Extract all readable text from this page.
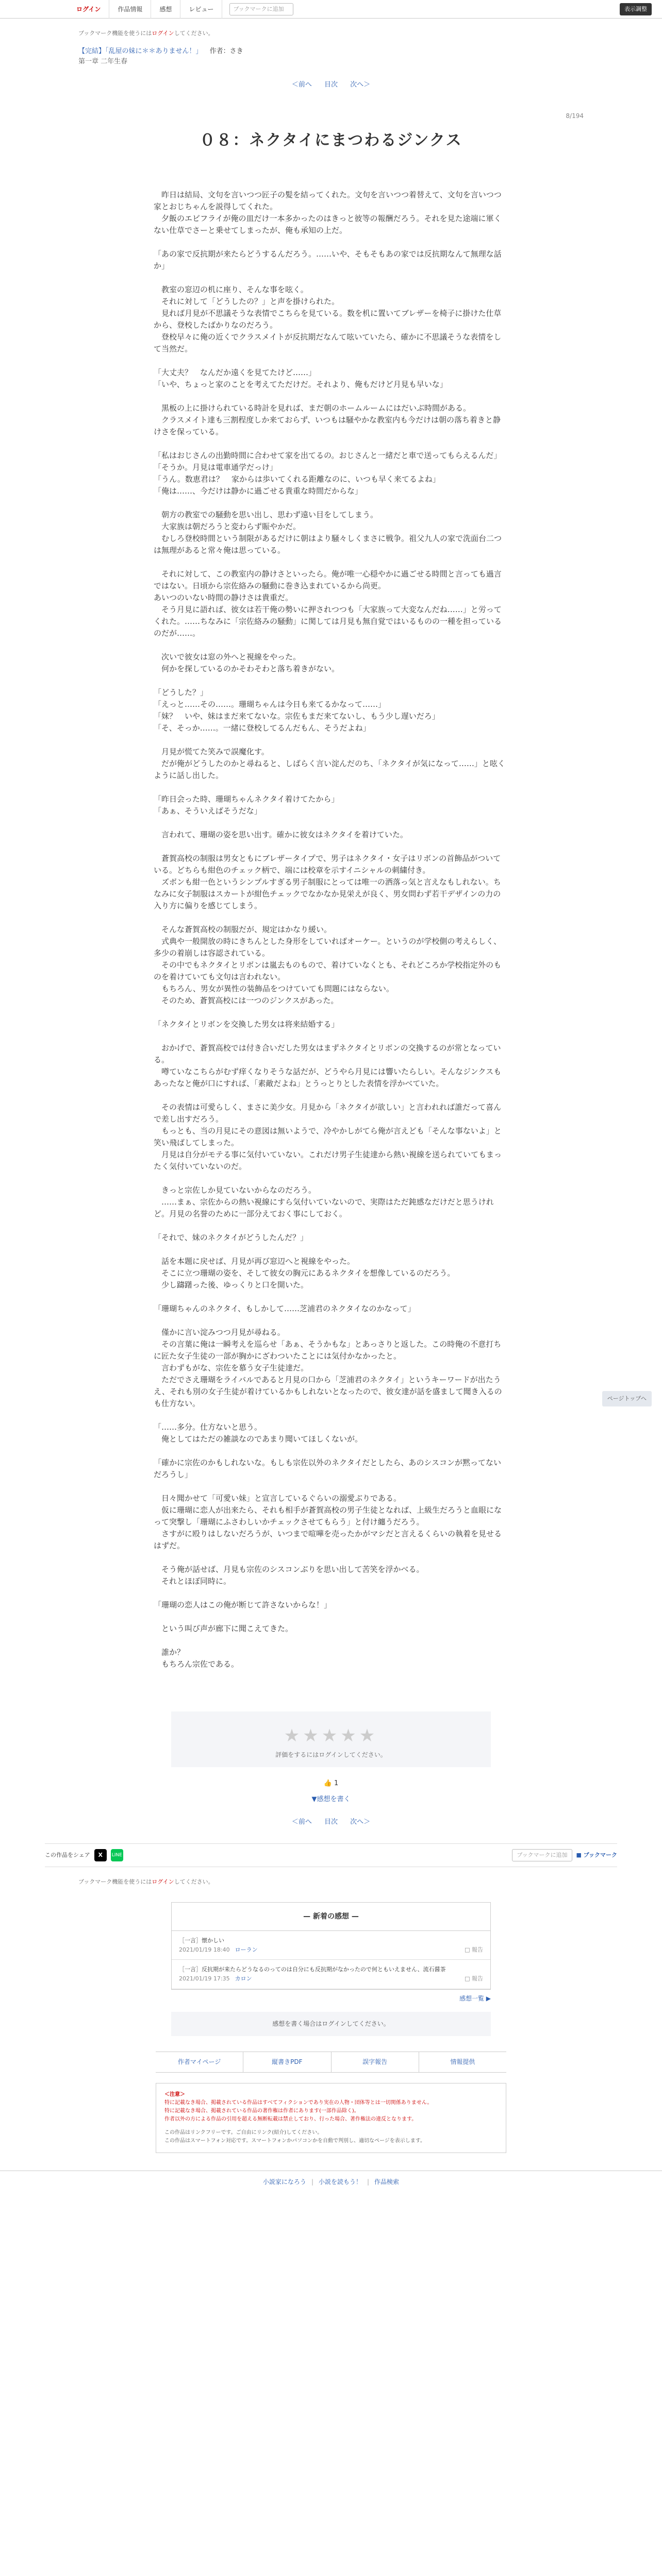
ログイン	作品情報	感想	レビュー	ブックマークに追加	表示調整
ブックマーク機能を使うにはログインしてください。
【完結】「乱屋の妹に＊＊ありません！」 作者：さき
第一章 二年生春
＜前へ 目次 次へ＞
8/194
０８：ネクタイにまつわるジンクス

　昨日は結局、文句を言いつつ匠子の髪を結ってくれた。文句を言いつつ着替えて、文句を言いつつ家とおじちゃんを説得してくれた。

　夕飯のエビフライが俺の皿だけ一本多かったのはきっと彼等の報酬だろう。それを見た途端に軍くない仕草でさーと乗せてしまったが、俺も承知の上だ。

「あの家で反抗期が来たらどうするんだろう。……いや、そもそもあの家では反抗期なんて無理な話か」

　教室の窓辺の机に座り、そんな事を呟く。

　それに対して「どうしたの？」と声を掛けられた。

　見れば月見が不思議そうな表情でこちらを見ている。数を机に置いてブレザーを椅子に掛けた仕草から、登校したばかりなのだろう。

　登校早々に俺の近くでクラスメイトが反抗期だなんて呟いていたら、確かに不思議そうな表情をして当然だ。

「大丈夫？　なんだか遠くを見てたけど……」

「いや、ちょっと家のことを考えてただけだ。それより、俺もだけど月見も早いな」

　黒板の上に掛けられている時計を見れば、まだ朝のホームルームにはだいぶ時間がある。

　クラスメイト達も三割程度しか来ておらず、いつもは騒やかな教室内も今だけは朝の落ち着きと静けさを保っている。

「私はおじさんの出勤時間に合わせて家を出てるの。おじさんと一緒だと車で送ってもらえるんだ」

「そうか。月見は電車通学だっけ」

「うん。数恵君は？　家からは歩いてくれる距離なのに、いつも早く来てるよね」

「俺は……、今だけは静かに過ごせる貴重な時間だからな」

　朝方の教室での騒動を思い出し、思わず遠い目をしてしまう。

　大家族は朝だろうと変わらず賑やかだ。

　むしろ登校時間という制限があるだけに朝はより騒々しくまさに戦争。祖父九人の家で洗面台二つは無理があると常々俺は思っている。

　それに対して、この教室内の静けさといったら。俺が唯一心穏やかに過ごせる時間と言っても過言ではない。日頃から宗佐絡みの騒動に巻き込まれているから尚更。

あいつのいない時間の静けさは貴重だ。

　そう月見に語れば、彼女は若干俺の勢いに押されつつも「大家族って大変なんだね……」と労ってくれた。……ちなみに「宗佐絡みの騒動」に関しては月見も無自覚ではいるものの一種を担っているのだが……。

　次いで彼女は窓の外へと視線をやった。

　何かを探しているのかそわそわと落ち着きがない。

「どうした？」

「えっと……その……。珊瑚ちゃんは今日も来てるかなって……」

「妹？　いや、妹はまだ来てないな。宗佐もまだ来てないし、もう少し遅いだろ」

「そ、そっか……。一緒に登校してるんだもん、そうだよね」

　月見が慌てた笑みで誤魔化す。

　だが俺がどうしたのかと尋ねると、しばらく言い淀んだのち、「ネクタイが気になって……」と呟くように話し出した。

「昨日会った時、珊瑚ちゃんネクタイ着けてたから」

「あぁ、そういえばそうだな」

　言われて、珊瑚の姿を思い出す。確かに彼女はネクタイを着けていた。

　蒼賀高校の制服は男女ともにブレザータイプで、男子はネクタイ・女子はリボンの首飾品がついている。どちらも紺色のチェック柄で、端には校章を示すイニシャルの刺繍付き。

　ズボンも紺一色というシンプルすぎる男子制服にとっては唯一の洒落っ気と言えなもしれない。ちなみに女子制服はスカートが紺色チェックでなかなか見栄えが良く、男女問わず若干デザインの力の入り方に偏りを感じてしまう。

　そんな蒼賀高校の制服だが、規定はかなり緩い。

　式典や一般開放の時にきちんとした身形をしていればオーケー。というのが学校側の考えらしく、多少の着崩しは容認されている。

　その中でもネクタイとリボンは嵐去ものもので、着けていなくとも、それどころか学校指定外のものを着けていても文句は言われない。

　もちろん、男女が異性の装飾品をつけていても問題にはならない。

　そのため、蒼賀高校には一つのジンクスがあった。

「ネクタイとリボンを交換した男女は将来結婚する」

　おかげで、蒼賀高校では付き合いだした男女はまずネクタイとリボンの交換するのが常となっている。

　噂ていなこちらがむず痒くなりそうな話だが、どうやら月見には響いたらしい。そんなジンクスもあったなと俺が口にすれば、「素敵だよね」とうっとりとした表情を浮かべていた。

　その表情は可愛らしく、まさに美少女。月見から「ネクタイが欲しい」と言われれば誰だって喜んで差し出すだろう。

　もっとも、当の月見にその意図は無いようで、冷やかしがてら俺が言えども「そんな事ないよ」と笑い飛ばしてしまった。

　月見は自分がモテる事に気付いていない。これだけ男子生徒達から熱い視線を送られていてもまったく気付いていないのだ。

　きっと宗佐しか見ていないからなのだろう。

　……まぁ、宗佐からの熱い視線にすら気付いていないので、実際はただ鈍感なだけだと思うけれど。月見の名誉のために一部分えておく事にしておく。

「それで、妹のネクタイがどうしたんだ？」

　話を本題に戻せば、月見が再び窓辺へと視線をやった。

　そこに立つ珊瑚の姿を、そして彼女の胸元にあるネクタイを想像しているのだろう。

　少し躊躇った後、ゆっくりと口を開いた。

「珊瑚ちゃんのネクタイ、もしかして……芝浦君のネクタイなのかなって」

　僅かに言い淀みつつ月見が尋ねる。

　その言葉に俺は一瞬考えを巡らせ「あぁ、そうかもな」とあっさりと返した。この時俺の不意打ちに匠た女子生徒の一部が胸かにざわついたことには気付かなかったと。

　言わずもがな、宗佐を慕う女子生徒達だ。

　ただでさえ珊瑚をライバルであると月見の口から「芝浦君のネクタイ」というキーワードが出たうえ、それも別の女子生徒が着けているかもしれないとなったので、彼女達が話を盛まして聞き入るのも仕方ない。

「……多分。仕方ないと思う。

　俺としてはただの雑談なのであまり聞いてほしくないが。

「確かに宗佐のかもしれないな。もしも宗佐以外のネクタイだとしたら、あのシスコンが黙ってないだろうし」

　日々聞かせて「可愛い妹」と宣言しているぐらいの溺愛ぶりである。

　仮に珊瑚に恋人が出来たら、それも相手が蒼賀高校の男子生徒となれば、上級生だろうと血眼になって突撃し「珊瑚にふさわしいかチェックさせてもらう」と付け纏うだろう。

　さすがに殴りはしないだろうが、いつまで喧嘩を売ったかがマシだと言えるくらいの執着を見せるはずだ。

　そう俺が話せば、月見も宗佐のシスコンぶりを思い出して苦笑を浮かべる。

　それとほぼ同時に。

「珊瑚の恋人はこの俺が断じて許さないからな！」

　という叫び声が廊下に聞こえてきた。

　誰か？

　もちろん宗佐である。

★★★★★
評価をするにはログインしてください。
👍 1
▼感想を書く
＜前へ 目次 次へ＞
この作品をシェア	X	LINE	ブックマークに追加	■ ブックマーク
ブックマーク機能を使うにはログインしてください。
— 新着の感想 —
［一言］懐かしい
2021/01/19 18:40 ローラン	□ 報告
［一言］反抗期が来たらどうなるのってのは自分にも反抗期がなかったので何ともいえません、流石醤茶
2021/01/19 17:35 カロン	□ 報告
感想一覧 ▶
感想を書く場合はログインしてください。
作者マイページ	縦書きPDF	誤字報告	情報提供
＜注意＞
特に記載なき場合、掲載されている作品はすべてフィクションであり実在の人物・団体等とは一切関係ありません。
特に記載なき場合、掲載されている作品の著作権は作者にあります(一部作品除く)。
作者以外の方による作品の引用を超える無断転載は禁止しており、行った場合、著作権法の違反となります。
この作品はリンクフリーです。ご自由にリンク(紹介)してください。
この作品はスマートフォン対応です。スマートフォンかパソコンかを自動で判別し、適切なページを表示します。
小説家になろう | 小説を読もう！ | 作品検索
ページトップへ
